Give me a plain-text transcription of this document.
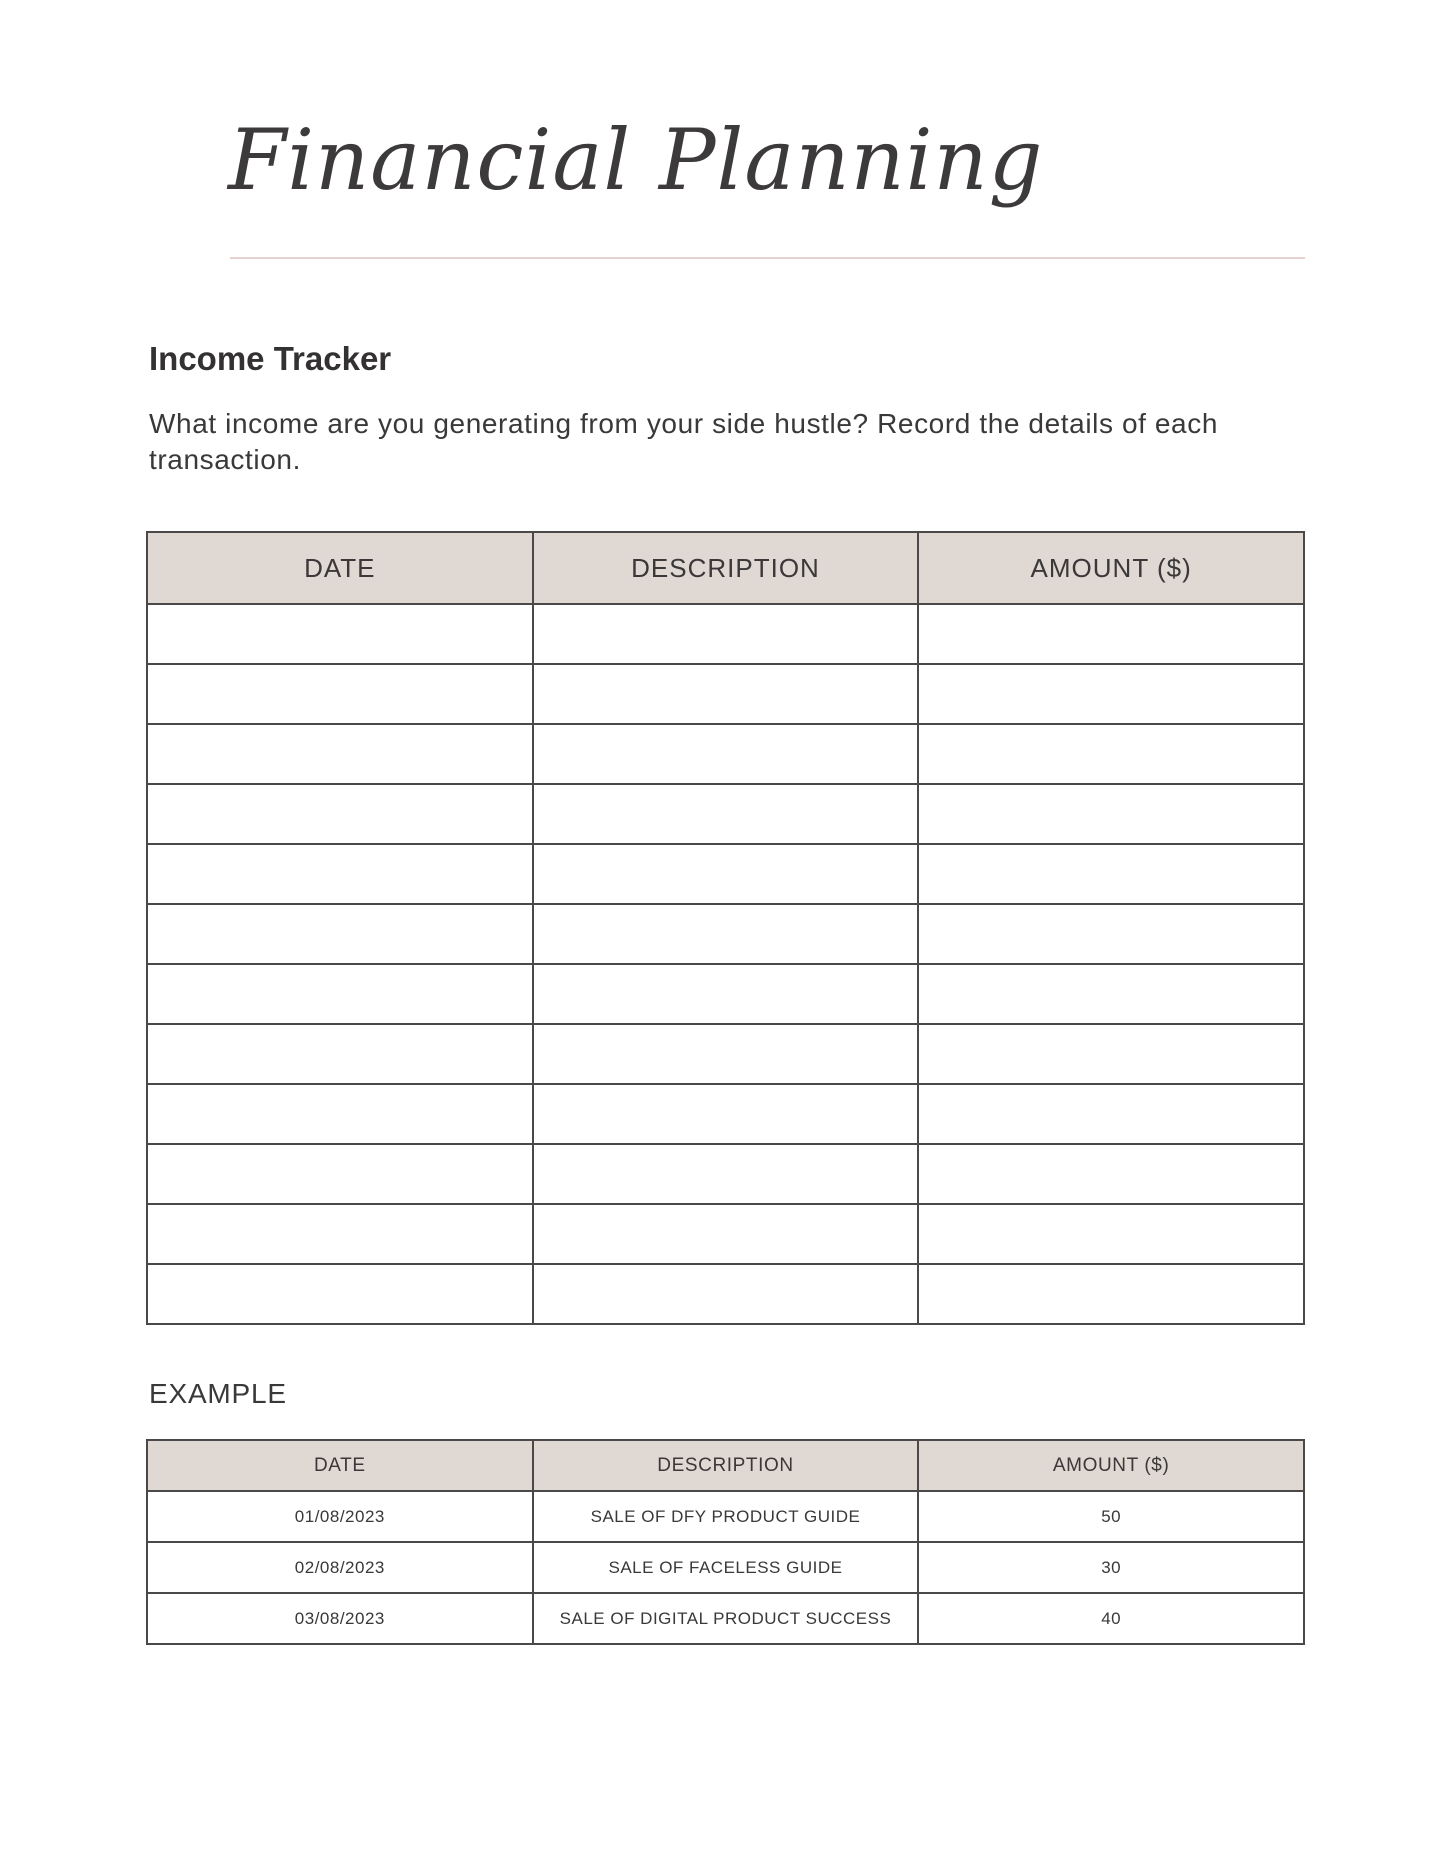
Financial Planning
Income Tracker

What income are you generating from your side hustle? Record the details of each transaction.

DATE	DESCRIPTION	AMOUNT ($)

EXAMPLE

DATE	DESCRIPTION	AMOUNT ($)
01/08/2023	SALE OF DFY PRODUCT GUIDE	50
02/08/2023	SALE OF FACELESS GUIDE	30
03/08/2023	SALE OF DIGITAL PRODUCT SUCCESS	40
